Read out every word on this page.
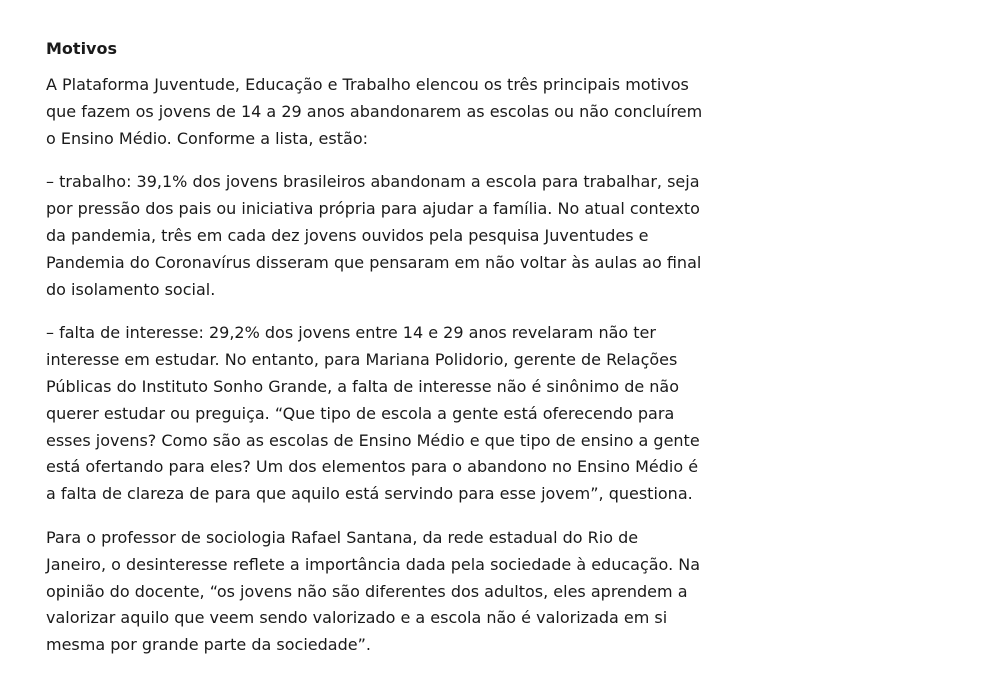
Motivos

A Plataforma Juventude, Educação e Trabalho elencou os três principais motivos
que fazem os jovens de 14 a 29 anos abandonarem as escolas ou não concluírem
o Ensino Médio. Conforme a lista, estão:

– trabalho: 39,1% dos jovens brasileiros abandonam a escola para trabalhar, seja
por pressão dos pais ou iniciativa própria para ajudar a família. No atual contexto
da pandemia, três em cada dez jovens ouvidos pela pesquisa Juventudes e
Pandemia do Coronavírus disseram que pensaram em não voltar às aulas ao final
do isolamento social.

– falta de interesse: 29,2% dos jovens entre 14 e 29 anos revelaram não ter
interesse em estudar. No entanto, para Mariana Polidorio, gerente de Relações
Públicas do Instituto Sonho Grande, a falta de interesse não é sinônimo de não
querer estudar ou preguiça. “Que tipo de escola a gente está oferecendo para
esses jovens? Como são as escolas de Ensino Médio e que tipo de ensino a gente
está ofertando para eles? Um dos elementos para o abandono no Ensino Médio é
a falta de clareza de para que aquilo está servindo para esse jovem”, questiona.

Para o professor de sociologia Rafael Santana, da rede estadual do Rio de
Janeiro, o desinteresse reflete a importância dada pela sociedade à educação. Na
opinião do docente, “os jovens não são diferentes dos adultos, eles aprendem a
valorizar aquilo que veem sendo valorizado e a escola não é valorizada em si
mesma por grande parte da sociedade”.
